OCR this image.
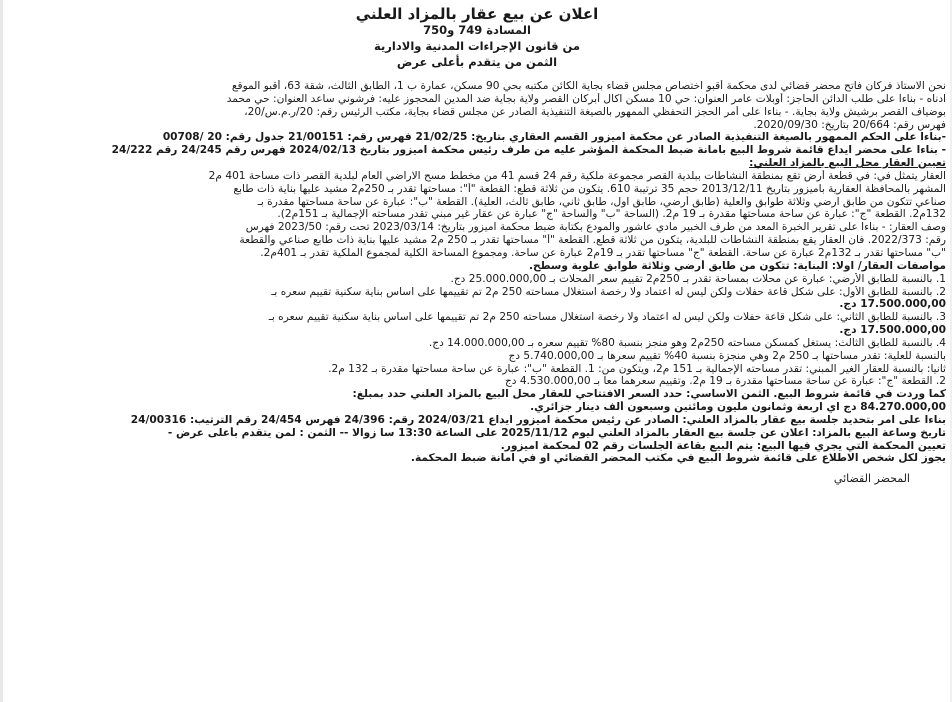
اعلان عن بيع عقار بالمزاد العلني
المسادة 749 و750
من قانون الإجراءات المدنية والادارية
الثمن من يتقدم بأعلى عرض
نحن الاستاذ فركان فاتح محضر قضائي لدى محكمة أقبو اختصاص مجلس قضاء بجاية الكائن مكتبه بحي 90 مسكن، عمارة ب 1، الطابق الثالث، شقة 63، أقبو الموقع
ادناه - بناءا على طلب الدائن الحاجز: أوبلات عامر العنوان: حي 10 مسكن اكال أبركان القصر ولاية بجاية ضد المدين المحجوز عليه: فرشوني ساعد العنوان: حي محمد
بوضياف القصر برشيش ولاية بجاية. - بناءا على أمر الحجز التحفظي الممهور بالصيغة التنفيذية الصادر عن مجلس قضاء بجاية، مكتب الرئيس رقم: 20/ر.م.س/20،
فهرس رقم: 20/664 بتاريخ: 2020/09/30.
-بناءا على الحكم الممهور بالصيغة التنفيذية الصادر عن محكمة اميزور القسم العقاري بتاريخ: 21/02/25 فهرس رقم: 21/00151 جدول رقم: 20 /00708
- بناءا على محضر ايداع قائمة شروط البيع بامانة ضبط المحكمة المؤشر عليه من طرف رئيس محكمة اميزور بتاريخ 2024/02/13 فهرس رقم 24/245 رقم 24/222
تعيين العقار محل البيع بالمزاد العلني:
العقار يتمثل في: في قطعة أرض تقع بمنطقة النشاطات ببلدية القصر مجموعة ملكية رقم 24 قسم 41 من مخطط مسح الاراضي العام لبلدية القصر ذات مساحة 401 م2
المشهر بالمحافظة العقارية باميزور بتاريخ 2013/12/11 حجم 35 ترتيبة 610. يتكون من ثلاثة قطع: القطعة "أ": مساحتها تقدر بـ 250م2 مشيد عليها بناية ذات طابع
صناعي تتكون من طابق ارضي وثلاثة طوابق والعلية (طابق أرضي، طابق اول، طابق ثاني، طابق ثالث، العلية). القطعة "ب": عبارة عن ساحة مساحتها مقدرة بـ
132م2. القطعة "ج": عبارة عن ساحة مساحتها مقدرة بـ 19 م2. (الساحة "ب" والساحة "ج" عبارة عن عقار غير مبني تقدر مساحته الإجمالية بـ 151م2).
وصف العقار: - بناءا على تقرير الخبرة المعد من طرف الخبير مادي عاشور والمودع بكتابة ضبط محكمة اميزور بتاريخ: 2023/03/14 تحت رقم: 2023/50 فهرس
رقم: 2022/373. فان العقار يقع بمنطقة النشاطات للبلدية، يتكون من ثلاثة قطع. القطعة "أ" مساحتها تقدر بـ 250 م2 مشيد عليها بناية ذات طابع صناعي والقطعة
"ب" مساحتها تقدر بـ 132م2 عبارة عن ساحة. القطعة "ج" مساحتها تقدر بـ 19م2 عبارة عن ساحة. ومجموع المساحة الكلية لمجموع الملكية تقدر بـ 401م2.
مواصفات العقار/ اولا: البناية: تتكون من طابق أرضي وثلاثة طوابق علوية وسطح.
1. بالنسبة للطابق الأرضي: عبارة عن محلات بمساحة تقدر بـ 250م2 تقييم سعر المحلات بـ 25.000.000,00 دج.
2. بالنسبة للطابق الأول: على شكل قاعة حفلات ولكن ليس له اعتماد ولا رخصة استغلال مساحته 250 م2 تم تقييمها على اساس بناية سكنية تقييم سعره بـ
17.500.000,00 دج.
3. بالنسبة للطابق الثاني: على شكل قاعة حفلات ولكن ليس له اعتماد ولا رخصة استغلال مساحته 250 م2 تم تقييمها على اساس بناية سكنية تقييم سعره بـ
17.500.000,00 دج.
4. بالنسبة للطابق الثالث: يستغل كمسكن مساحته 250م2 وهو منجز بنسبة 80% تقييم سعره بـ 14.000.000,00 دج.
بالنسبة للعلية: تقدر مساحتها بـ 250 م2 وهي منجزة بنسبة 40% تقييم سعرها بـ 5.740.000,00 دج
ثانيا: بالنسبة للعقار الغير المبني: تقدر مساحته الإجمالية بـ 151 م2، ويتكون من: 1. القطعة "ب": عبارة عن ساحة مساحتها مقدرة بـ 132 م2.
2. القطعة "ج": عبارة عن ساحة مساحتها مقدرة بـ 19 م2. وتقييم سعرهما معا بـ 4.530.000,00 دج
كما وردت في قائمة شروط البيع. الثمن الاساسي: حدد السعر الافتتاحي للعقار محل البيع بالمزاد العلني حدد بمبلغ:
84.270.000,00 دج اي اربعة وثمانون مليون ومائتين وسبعون ألف دينار جزائري.
بناءا على امر بتحديد جلسة بيع عقار بالمزاد العلني: الصادر عن رئيس محكمة اميزور ايداع 2024/03/21 رقم: 24/396 فهرس 24/454 رقم الترتيب: 24/00316
تاريخ وساعة البيع بالمزاد: اعلان عن جلسة بيع العقار بالمزاد العلني ليوم 2025/11/12 على الساعة 13:30 سا زوالا -- الثمن : لمن يتقدم بأعلى عرض -
تعيين المحكمة التي يجري فيها البيع: يتم البيع بقاعة الجلسات رقم 02 لمحكمة اميزور.
يجوز لكل شخص الاطلاع على قائمة شروط البيع في مكتب المحضر القضائي او في امانة ضبط المحكمة.
المحضر القضائي
